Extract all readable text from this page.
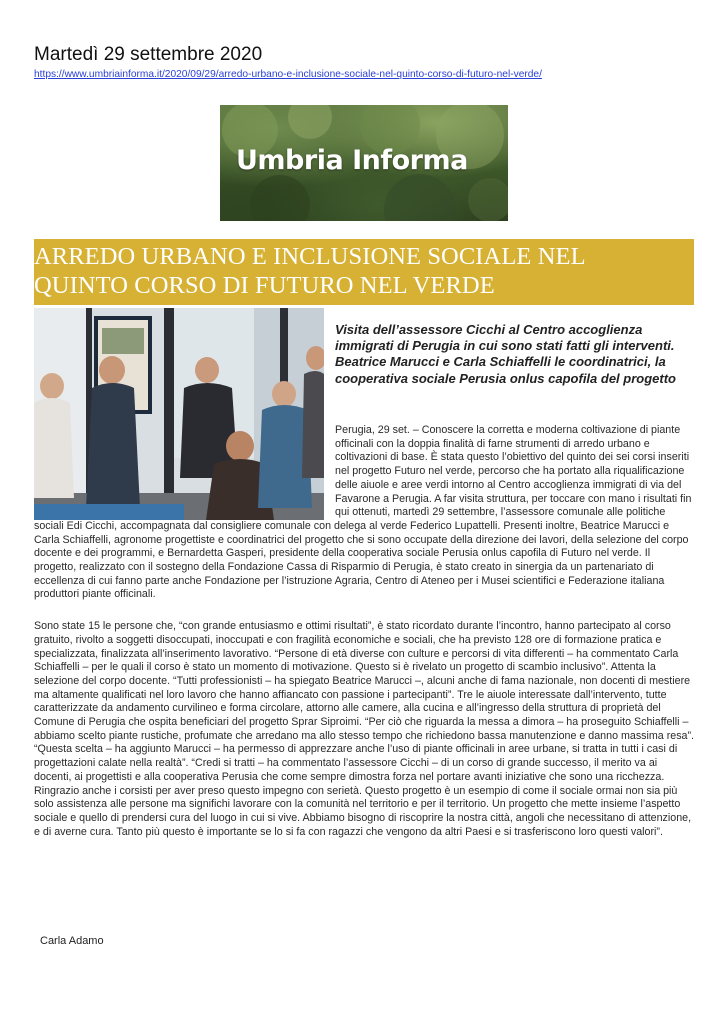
Martedì 29 settembre 2020
https://www.umbriainforma.it/2020/09/29/arredo-urbano-e-inclusione-sociale-nel-quinto-corso-di-futuro-nel-verde/
Umbria Informa
ARREDO URBANO E INCLUSIONE SOCIALE NEL
QUINTO CORSO DI FUTURO NEL VERDE

Visita dell’assessore Cicchi al Centro accoglienza immigrati di Perugia in cui sono stati fatti gli interventi. Beatrice Marucci e Carla Schiaffelli le coordinatrici, la cooperativa sociale Perusia onlus capofila del progetto

Perugia, 29 set. – Conoscere la corretta e moderna coltivazione di piante officinali con la doppia finalità di farne strumenti di arredo urbano e coltivazioni di base. È stata questo l’obiettivo del quinto dei sei corsi inseriti nel progetto Futuro nel verde, percorso che ha portato alla riqualificazione delle aiuole e aree verdi intorno al Centro accoglienza immigrati di via del Favarone a Perugia. A far visita struttura, per toccare con mano i risultati fin qui ottenuti, martedì 29 settembre, l’assessore comunale alle politiche sociali Edi Cicchi, accompagnata dal consigliere comunale con delega al verde Federico Lupattelli. Presenti inoltre, Beatrice Marucci e Carla Schiaffelli, agronome progettiste e coordinatrici del progetto che si sono occupate della direzione dei lavori, della selezione del corpo docente e dei programmi, e Bernardetta Gasperi, presidente della cooperativa sociale Perusia onlus capofila di Futuro nel verde. Il progetto, realizzato con il sostegno della Fondazione Cassa di Risparmio di Perugia, è stato creato in sinergia da un partenariato di eccellenza di cui fanno parte anche Fondazione per l’istruzione Agraria, Centro di Ateneo per i Musei scientifici e Federazione italiana produttori piante officinali.

Sono state 15 le persone che, “con grande entusiasmo e ottimi risultati”, è stato ricordato durante l’incontro, hanno partecipato al corso gratuito, rivolto a soggetti disoccupati, inoccupati e con fragilità economiche e sociali, che ha previsto 128 ore di formazione pratica e specializzata, finalizzata all’inserimento lavorativo. “Persone di età diverse con culture e percorsi di vita differenti – ha commentato Carla Schiaffelli – per le quali il corso è stato un momento di motivazione. Questo si è rivelato un progetto di scambio inclusivo”. Attenta la selezione del corpo docente. “Tutti professionisti – ha spiegato Beatrice Marucci –, alcuni anche di fama nazionale, non docenti di mestiere ma altamente qualificati nel loro lavoro che hanno affiancato con passione i partecipanti”. Tre le aiuole interessate dall’intervento, tutte caratterizzate da andamento curvilineo e forma circolare, attorno alle camere, alla cucina e all’ingresso della struttura di proprietà del Comune di Perugia che ospita beneficiari del progetto Sprar Siproimi. “Per ciò che riguarda la messa a dimora – ha proseguito Schiaffelli – abbiamo scelto piante rustiche, profumate che arredano ma allo stesso tempo che richiedono bassa manutenzione e danno massima resa”. “Questa scelta – ha aggiunto Marucci – ha permesso di apprezzare anche l’uso di piante officinali in aree urbane, si tratta in tutti i casi di progettazioni calate nella realtà”. “Credi si tratti – ha commentato l’assessore Cicchi – di un corso di grande successo, il merito va ai docenti, ai progettisti e alla cooperativa Perusia che come sempre dimostra forza nel portare avanti iniziative che sono una ricchezza. Ringrazio anche i corsisti per aver preso questo impegno con serietà. Questo progetto è un esempio di come il sociale ormai non sia più solo assistenza alle persone ma significhi lavorare con la comunità nel territorio e per il territorio. Un progetto che mette insieme l’aspetto sociale e quello di prendersi cura del luogo in cui si vive. Abbiamo bisogno di riscoprire la nostra città, angoli che necessitano di attenzione, e di averne cura. Tanto più questo è importante se lo si fa con ragazzi che vengono da altri Paesi e si trasferiscono loro questi valori”.

Carla Adamo
